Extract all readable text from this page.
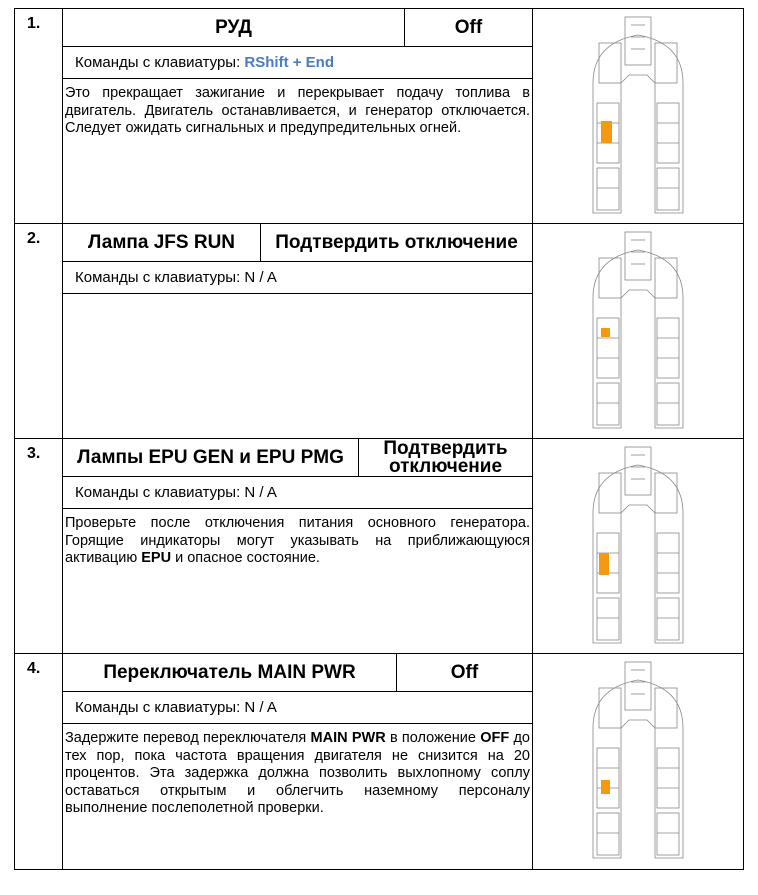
1.	РУД	Off
Команды с клавиатуры: RShift + End
Это прекращает зажигание и перекрывает подачу топлива в двигатель. Двигатель останавливается, и генератор отключается. Следует ожидать сигнальных и предупредительных огней.
2.	Лампа JFS RUN	Подтвердить отключение
Команды с клавиатуры: N / A
3.	Лампы EPU GEN и EPU PMG	Подтвердить отключение
Команды с клавиатуры: N / A
Проверьте после отключения питания основного генератора. Горящие индикаторы могут указывать на приближающуюся активацию EPU и опасное состояние.
4.	Переключатель MAIN PWR	Off
Команды с клавиатуры: N / A
Задержите перевод переключателя MAIN PWR в положение OFF до тех пор, пока частота вращения двигателя не снизится на 20 процентов. Эта задержка должна позволить выхлопному соплу оставаться открытым и облегчить наземному персоналу выполнение послеполетной проверки.
